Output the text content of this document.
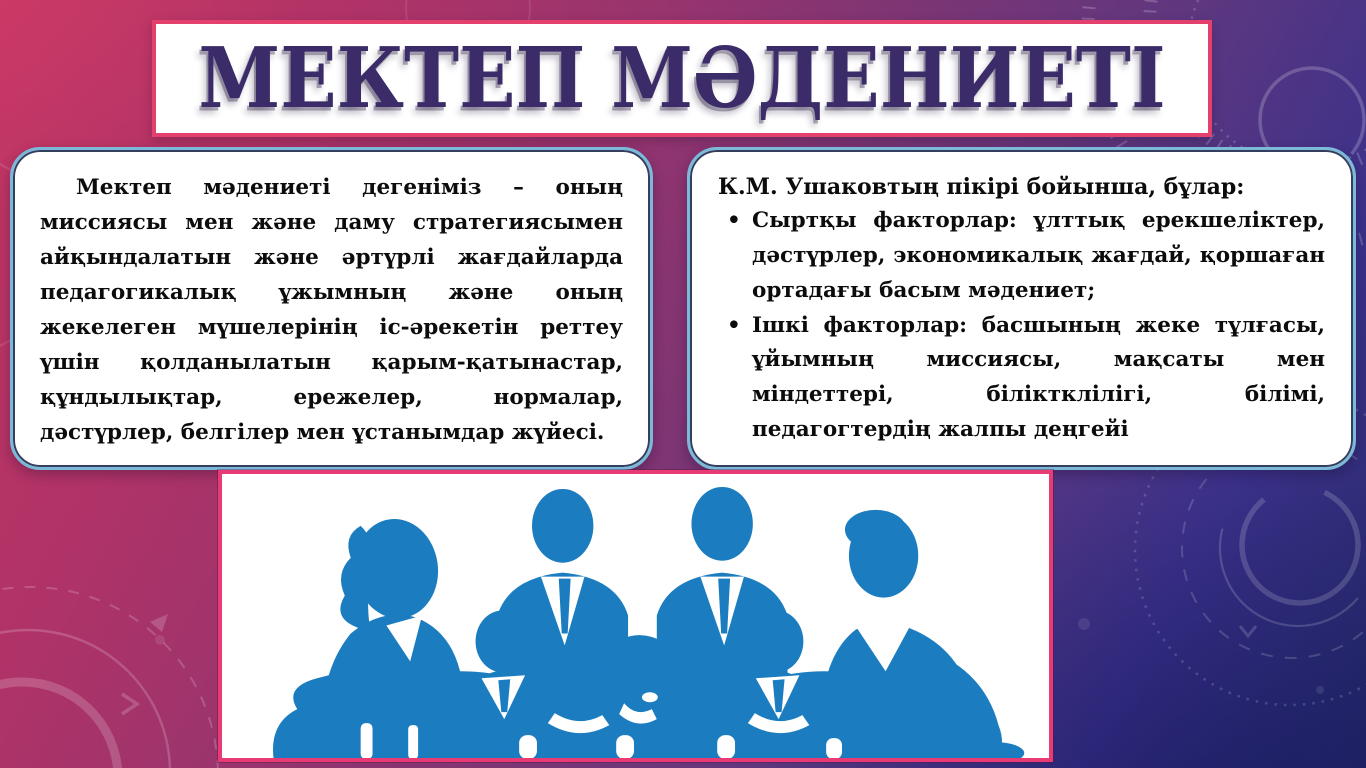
МЕКТЕП МӘДЕНИЕТІ
Мектеп мәдениеті дегеніміз – оның миссиясы мен және даму стратегиясымен айқындалатын және әртүрлі жағдайларда педагогикалық ұжымның және оның жекелеген мүшелерінің іс-әрекетін реттеу үшін қолданылатын қарым-қатынастар, құндылықтар, ережелер, нормалар, дәстүрлер, белгілер мен ұстанымдар жүйесі.
К.М. Ушаковтың пікірі бойынша, бұлар:
• Сыртқы факторлар: ұлттық ерекшеліктер, дәстүрлер, экономикалық жағдай, қоршаған ортадағы басым мәдениет;
• Ішкі факторлар: басшының жеке тұлғасы, ұйымның миссиясы, мақсаты мен міндеттері, біліктклілігі, білімі, педагогтердің жалпы деңгейі
